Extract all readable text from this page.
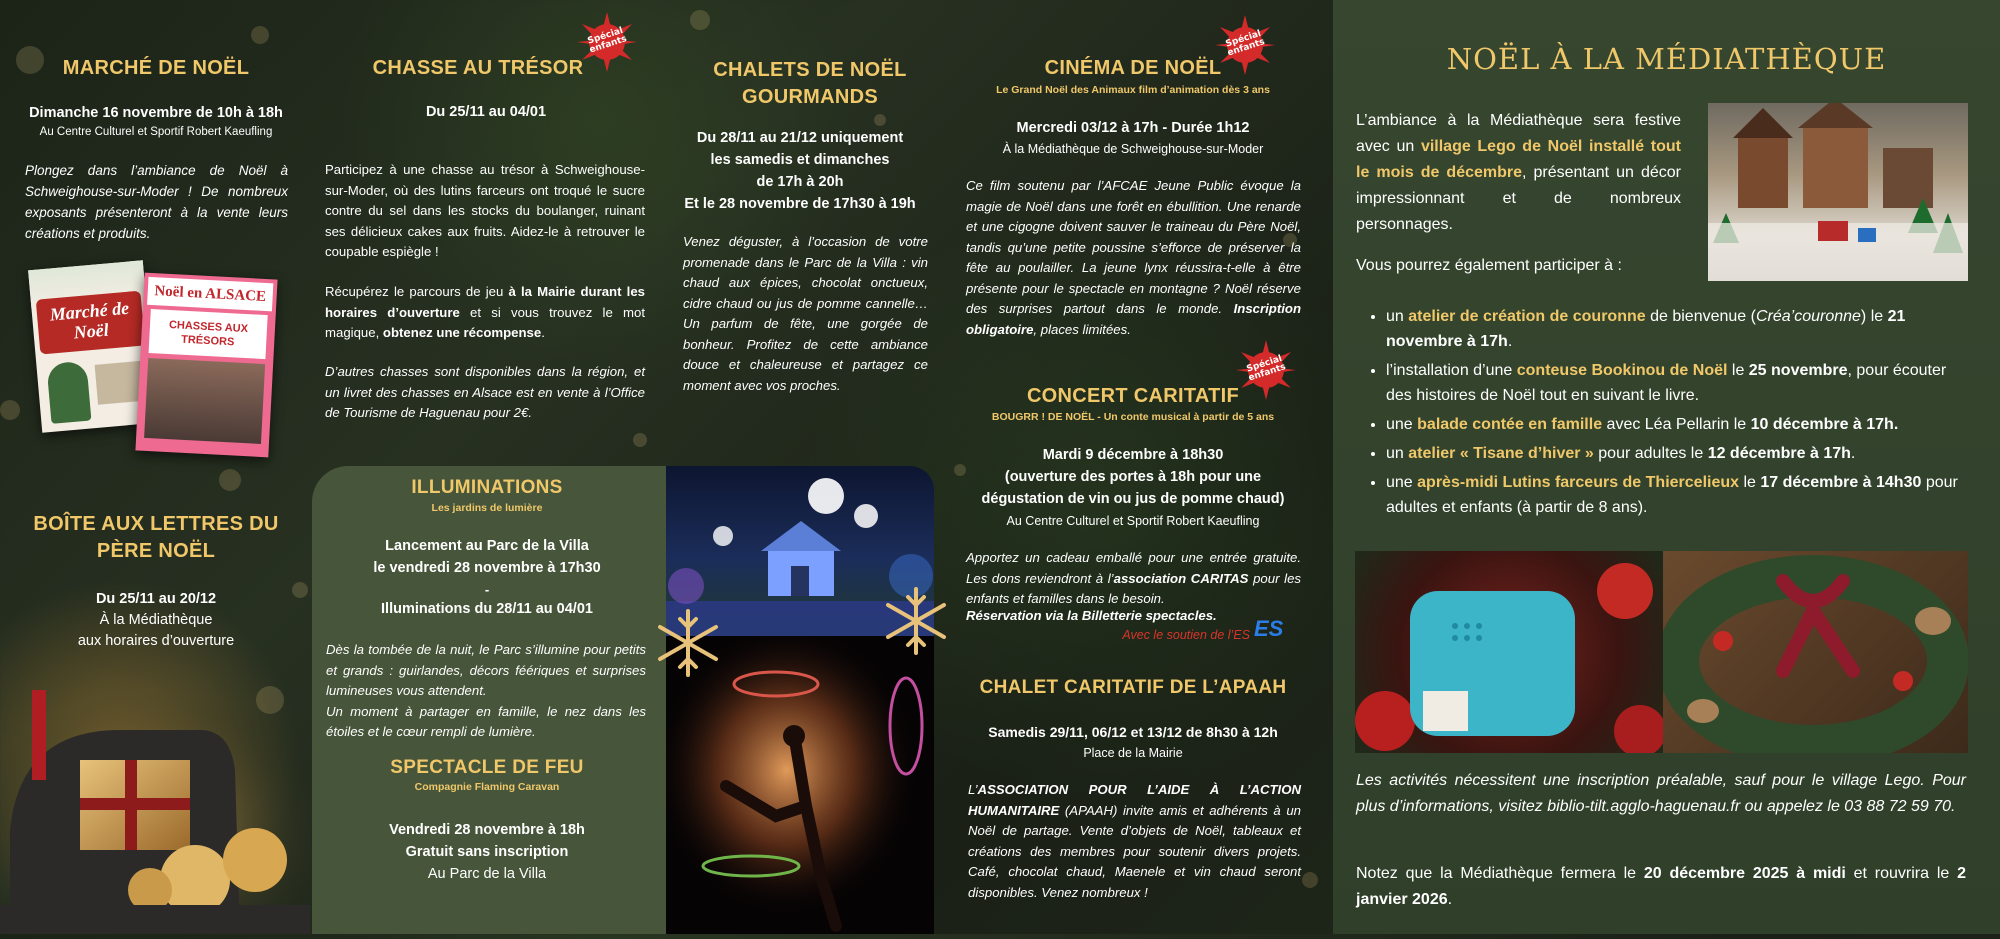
MARCHÉ DE NOËL
Dimanche 16 novembre de 10h à 18h
Au Centre Culturel et Sportif Robert Kaeufling
Plongez dans l’ambiance de Noël à Schweighouse-sur-Moder ! De nombreux exposants présenteront à la vente leurs créations et produits.
Marché de Noël
Noël en ALSACE
CHASSES AUX TRÉSORS
BOÎTE AUX LETTRES DU PÈRE NOËL
Du 25/11 au 20/12
À la Médiathèque
aux horaires d’ouverture
CHASSE AU TRÉSOR
Spécial enfants
Du 25/11 au 04/01
Participez à une chasse au trésor à Schweighouse-sur-Moder, où des lutins farceurs ont troqué le sucre contre du sel dans les stocks du boulanger, ruinant ses délicieux cakes aux fruits. Aidez-le à retrouver le coupable espiègle !
Récupérez le parcours de jeu à la Mairie durant les horaires d’ouverture et si vous trouvez le mot magique, obtenez une récompense.
D’autres chasses sont disponibles dans la région, et un livret des chasses en Alsace est en vente à l’Office de Tourisme de Haguenau pour 2€.
ILLUMINATIONS
Les jardins de lumière
Lancement au Parc de la Villa
le vendredi 28 novembre à 17h30
-
Illuminations du 28/11 au 04/01

Dès la tombée de la nuit, le Parc s’illumine pour petits et grands : guirlandes, décors féériques et surprises lumineuses vous attendent.

Un moment à partager en famille, le nez dans les étoiles et le cœur rempli de lumière.

SPECTACLE DE FEU
Compagnie Flaming Caravan
Vendredi 28 novembre à 18h
Gratuit sans inscription
Au Parc de la Villa
CHALETS DE NOËL GOURMANDS
Du 28/11 au 21/12 uniquement
les samedis et dimanches
de 17h à 20h
Et le 28 novembre de 17h30 à 19h
Venez déguster, à l’occasion de votre promenade dans le Parc de la Villa : vin chaud aux épices, chocolat onctueux, cidre chaud ou jus de pomme cannelle… Un parfum de fête, une gorgée de bonheur. Profitez de cette ambiance douce et chaleureuse et partagez ce moment avec vos proches.
CINÉMA DE NOËL
Spécial enfants
Le Grand Noël des Animaux film d’animation dès 3 ans
Mercredi 03/12 à 17h - Durée 1h12
À la Médiathèque de Schweighouse-sur-Moder
Ce film soutenu par l’AFCAE Jeune Public évoque la magie de Noël dans une forêt en ébullition. Une renarde et une cigogne doivent sauver le traineau du Père Noël, tandis qu’une petite poussine s’efforce de préserver la fête au poulailler. La jeune lynx réussira-t-elle à être présente pour le spectacle en montagne ? Noël réserve des surprises partout dans le monde. Inscription obligatoire, places limitées.
CONCERT CARITATIF
Spécial enfants
BOUGRR ! DE NOËL - Un conte musical à partir de 5 ans
Mardi 9 décembre à 18h30
(ouverture des portes à 18h pour une
dégustation de vin ou jus de pomme chaud)
Au Centre Culturel et Sportif Robert Kaeufling
Apportez un cadeau emballé pour une entrée gratuite. Les dons reviendront à l’association CARITAS pour les enfants et familles dans le besoin.
Réservation via la Billetterie spectacles.
Avec le soutien de l’ES ES
CHALET CARITATIF DE L’APAAH
Samedis 29/11, 06/12 et 13/12 de 8h30 à 12h
Place de la Mairie
L’ASSOCIATION POUR L’AIDE À L’ACTION HUMANITAIRE (APAAH) invite amis et adhérents à un Noël de partage. Vente d’objets de Noël, tableaux et créations des membres pour soutenir divers projets. Café, chocolat chaud, Maenele et vin chaud seront disponibles. Venez nombreux !
NOËL À LA MÉDIATHÈQUE
L’ambiance à la Médiathèque sera festive avec un village Lego de Noël installé tout le mois de décembre, présentant un décor impressionnant et de nombreux personnages.
Vous pourrez également participer à :
• un atelier de création de couronne de bienvenue (Créa’couronne) le 21 novembre à 17h.
• l’installation d’une conteuse Bookinou de Noël le 25 novembre, pour écouter des histoires de Noël tout en suivant le livre.
• une balade contée en famille avec Léa Pellarin le 10 décembre à 17h.
• un atelier « Tisane d’hiver » pour adultes le 12 décembre à 17h.
• une après-midi Lutins farceurs de Thiercelieux le 17 décembre à 14h30 pour adultes et enfants (à partir de 8 ans).
Les activités nécessitent une inscription préalable, sauf pour le village Lego. Pour plus d’informations, visitez biblio-tilt.agglo-haguenau.fr ou appelez le 03 88 72 59 70.
Notez que la Médiathèque fermera le 20 décembre 2025 à midi et rouvrira le 2 janvier 2026.
